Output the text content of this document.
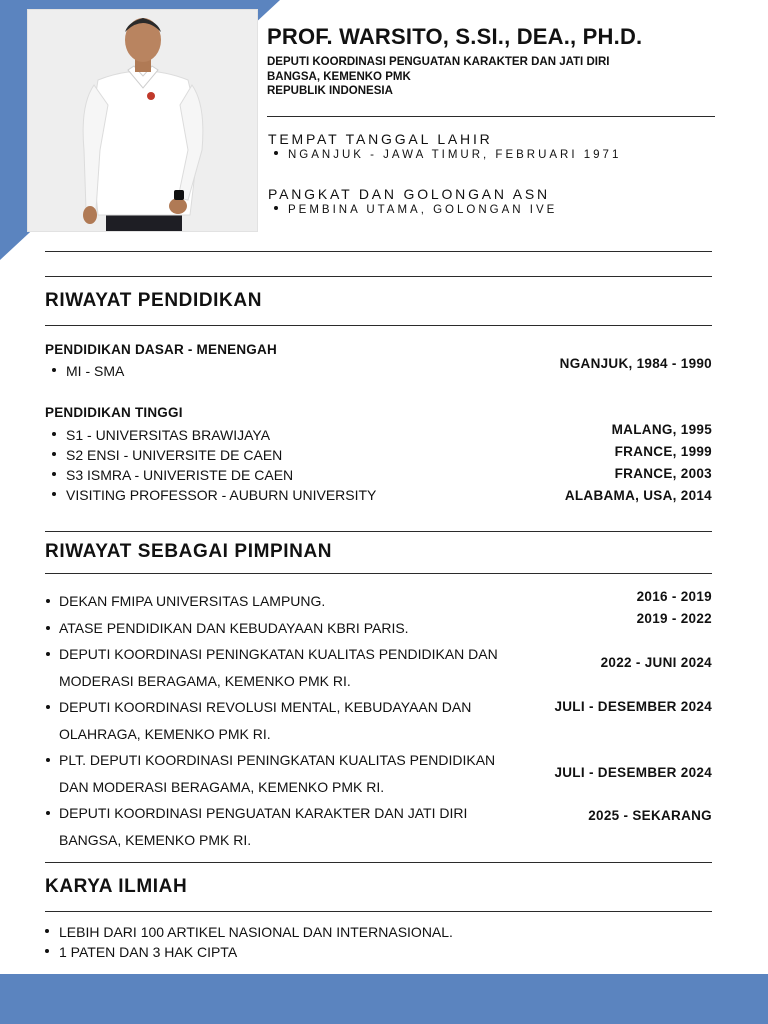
PROF. WARSITO, S.SI., DEA., PH.D.
DEPUTI KOORDINASI PENGUATAN KARAKTER DAN JATI DIRI
BANGSA, KEMENKO PMK
REPUBLIK INDONESIA
TEMPAT TANGGAL LAHIR
NGANJUK - JAWA TIMUR, FEBRUARI 1971
PANGKAT DAN GOLONGAN ASN
PEMBINA UTAMA, GOLONGAN IVE
RIWAYAT PENDIDIKAN
PENDIDIKAN DASAR - MENENGAH
MI - SMA	NGANJUK, 1984 - 1990
PENDIDIKAN TINGGI
S1 - UNIVERSITAS BRAWIJAYA
S2 ENSI - UNIVERSITE DE CAEN
S3 ISMRA - UNIVERISTE DE CAEN
VISITING PROFESSOR - AUBURN UNIVERSITY
MALANG, 1995
FRANCE, 1999
FRANCE, 2003
ALABAMA, USA, 2014
RIWAYAT SEBAGAI PIMPINAN
DEKAN FMIPA UNIVERSITAS LAMPUNG.
ATASE PENDIDIKAN DAN KEBUDAYAAN KBRI PARIS.
DEPUTI KOORDINASI PENINGKATAN KUALITAS PENDIDIKAN DAN MODERASI BERAGAMA, KEMENKO PMK RI.
DEPUTI KOORDINASI REVOLUSI MENTAL, KEBUDAYAAN DAN OLAHRAGA, KEMENKO PMK RI.
PLT. DEPUTI KOORDINASI PENINGKATAN KUALITAS PENDIDIKAN DAN MODERASI BERAGAMA, KEMENKO PMK RI.
DEPUTI KOORDINASI PENGUATAN KARAKTER DAN JATI DIRI BANGSA, KEMENKO PMK RI.
2016 - 2019
2019 - 2022
2022 - JUNI 2024
JULI - DESEMBER 2024
JULI - DESEMBER 2024
2025 - SEKARANG
KARYA ILMIAH
LEBIH DARI 100 ARTIKEL NASIONAL DAN INTERNASIONAL.
1 PATEN DAN 3 HAK CIPTA
